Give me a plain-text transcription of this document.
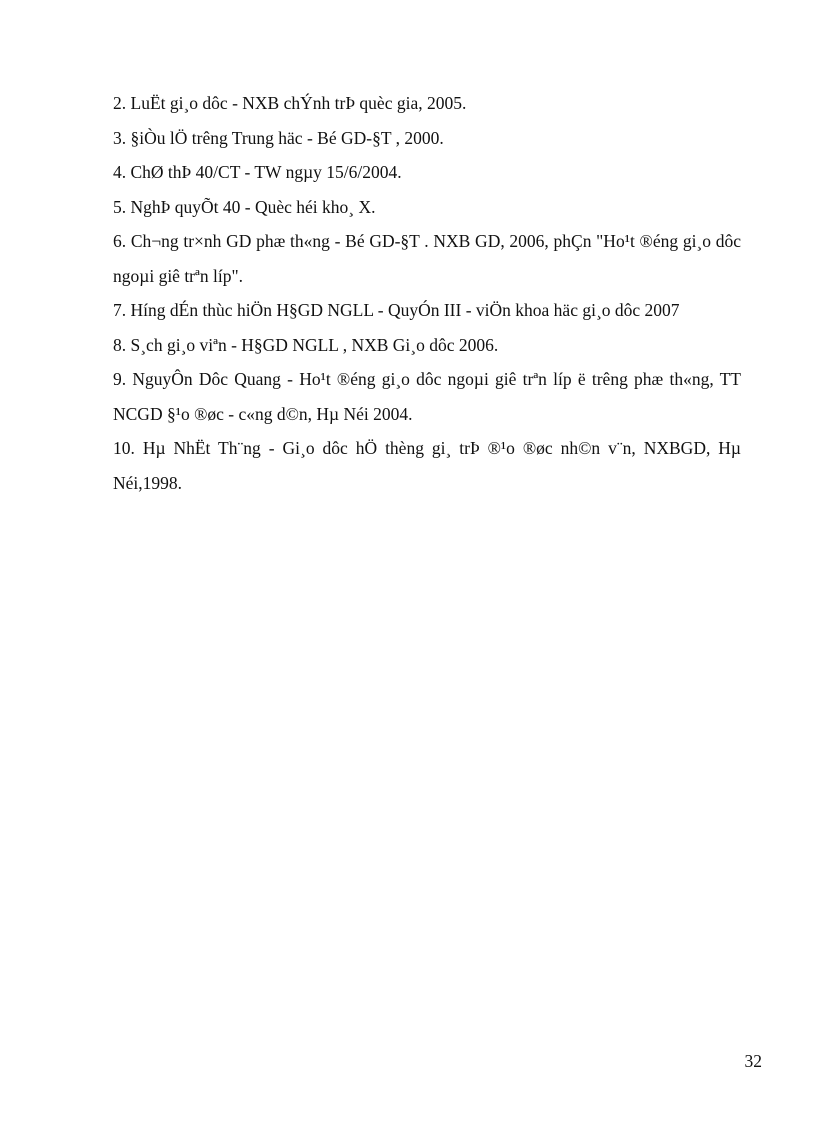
2. LuËt gi¸o dôc - NXB chÝnh trÞ quèc gia, 2005.

3. §iÒu lÖ trêng Trung häc - Bé GD-§T , 2000.

4. ChØ thÞ 40/CT - TW ngµy 15/6/2004.

5. NghÞ quyÕt 40 - Quèc héi kho¸ X.

6. Ch¬ng tr×nh GD phæ th«ng - Bé GD-§T . NXB GD, 2006, phÇn "Ho¹t ®éng gi¸o dôc ngoµi giê trªn líp".

7. Híng dÉn thùc hiÖn H§GD NGLL - QuyÓn III - viÖn khoa häc gi¸o dôc 2007

8. S¸ch gi¸o viªn - H§GD NGLL , NXB Gi¸o dôc 2006.

9. NguyÔn Dôc Quang - Ho¹t ®éng gi¸o dôc ngoµi giê trªn líp ë trêng phæ th«ng, TT NCGD §¹o ®øc - c«ng d©n, Hµ Néi 2004.

10. Hµ NhËt Th¨ng - Gi¸o dôc hÖ thèng gi¸ trÞ ®¹o ®øc nh©n v¨n, NXBGD, Hµ Néi,1998.

32
